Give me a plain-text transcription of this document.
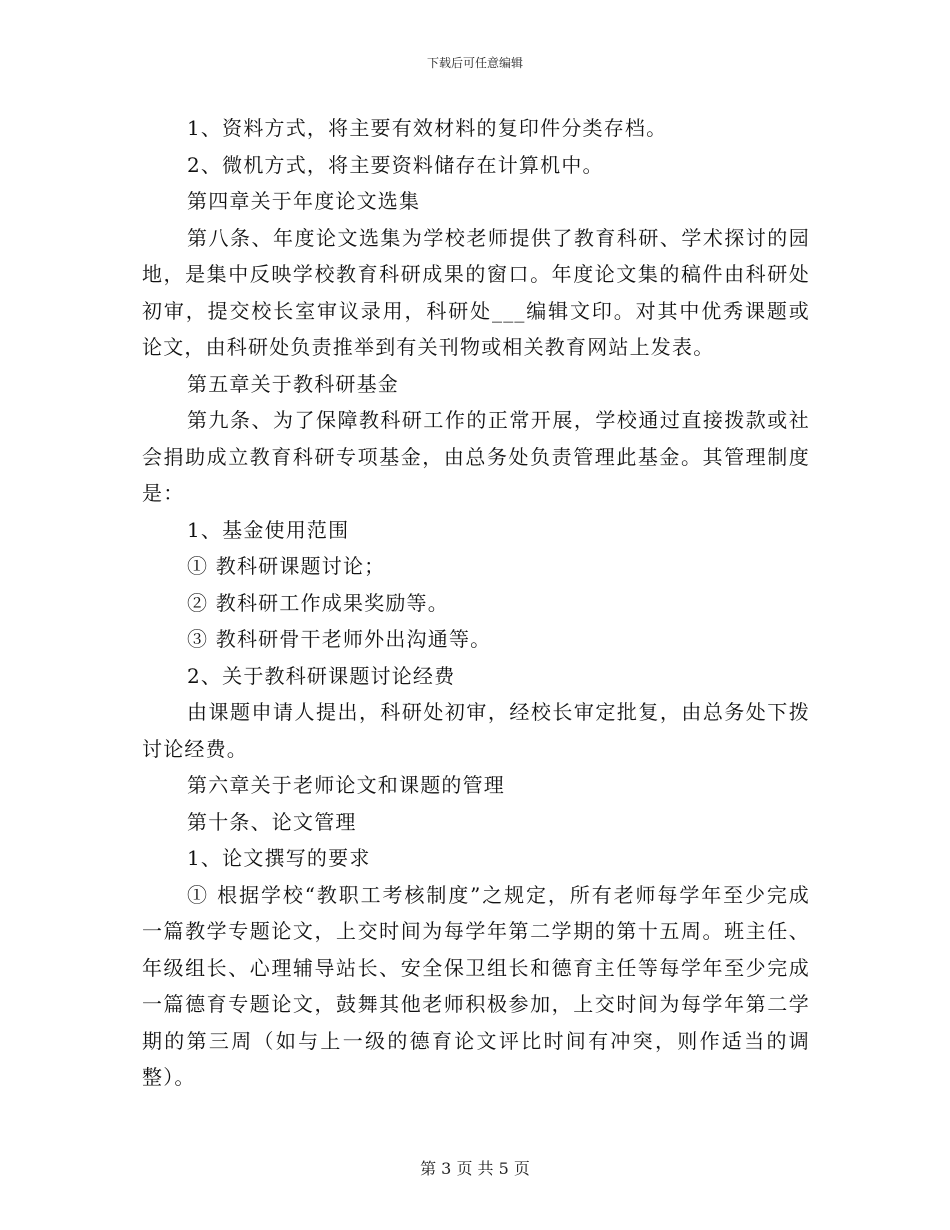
下载后可任意编辑

1、资料方式，将主要有效材料的复印件分类存档。

2、微机方式，将主要资料储存在计算机中。

第四章关于年度论文选集

第八条、年度论文选集为学校老师提供了教育科研、学术探讨的园地，是集中反映学校教育科研成果的窗口。年度论文集的稿件由科研处初审，提交校长室审议录用，科研处___编辑文印。对其中优秀课题或论文，由科研处负责推举到有关刊物或相关教育网站上发表。

第五章关于教科研基金

第九条、为了保障教科研工作的正常开展，学校通过直接拨款或社会捐助成立教育科研专项基金，由总务处负责管理此基金。其管理制度是：

1、基金使用范围

① 教科研课题讨论；

② 教科研工作成果奖励等。

③ 教科研骨干老师外出沟通等。

2、关于教科研课题讨论经费

由课题申请人提出，科研处初审，经校长审定批复，由总务处下拨讨论经费。

第六章关于老师论文和课题的管理

第十条、论文管理

1、论文撰写的要求

① 根据学校“教职工考核制度”之规定，所有老师每学年至少完成一篇教学专题论文，上交时间为每学年第二学期的第十五周。班主任、年级组长、心理辅导站长、安全保卫组长和德育主任等每学年至少完成一篇德育专题论文，鼓舞其他老师积极参加，上交时间为每学年第二学期的第三周（如与上一级的德育论文评比时间有冲突，则作适当的调整）。

第 3 页 共 5 页
